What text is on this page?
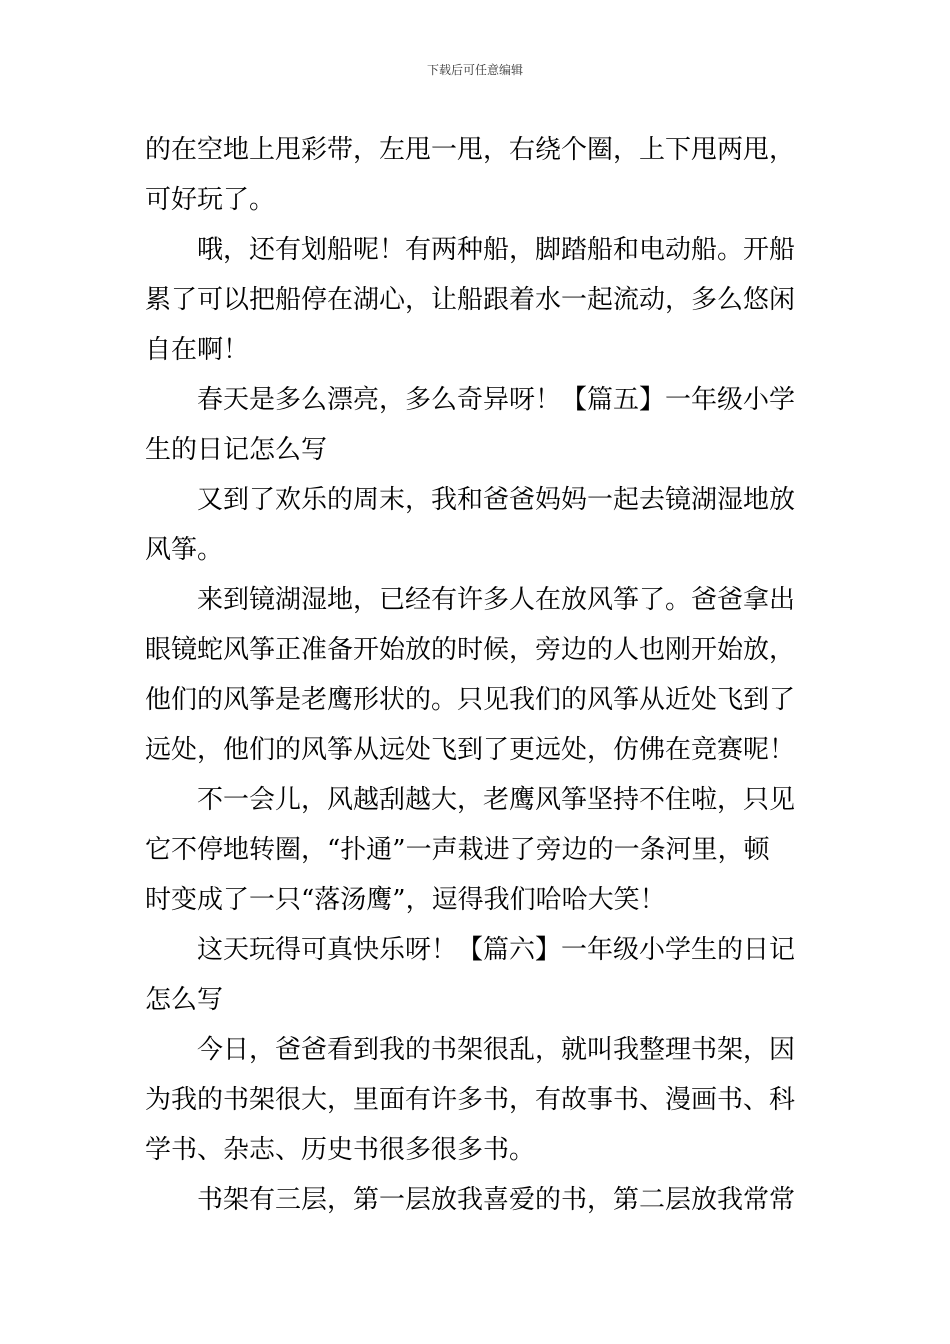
下载后可任意编辑
的在空地上甩彩带，左甩一甩，右绕个圈，上下甩两甩，
可好玩了。
哦，还有划船呢！有两种船，脚踏船和电动船。开船
累了可以把船停在湖心，让船跟着水一起流动，多么悠闲
自在啊！
春天是多么漂亮，多么奇异呀！【篇五】一年级小学
生的日记怎么写
又到了欢乐的周末，我和爸爸妈妈一起去镜湖湿地放
风筝。
来到镜湖湿地，已经有许多人在放风筝了。爸爸拿出
眼镜蛇风筝正准备开始放的时候，旁边的人也刚开始放，
他们的风筝是老鹰形状的。只见我们的风筝从近处飞到了
远处，他们的风筝从远处飞到了更远处，仿佛在竞赛呢！
不一会儿，风越刮越大，老鹰风筝坚持不住啦，只见
它不停地转圈，“扑通”一声栽进了旁边的一条河里，顿
时变成了一只“落汤鹰”，逗得我们哈哈大笑！
这天玩得可真快乐呀！【篇六】一年级小学生的日记
怎么写
今日，爸爸看到我的书架很乱，就叫我整理书架，因
为我的书架很大，里面有许多书，有故事书、漫画书、科
学书、杂志、历史书很多很多书。
书架有三层，第一层放我喜爱的书，第二层放我常常
